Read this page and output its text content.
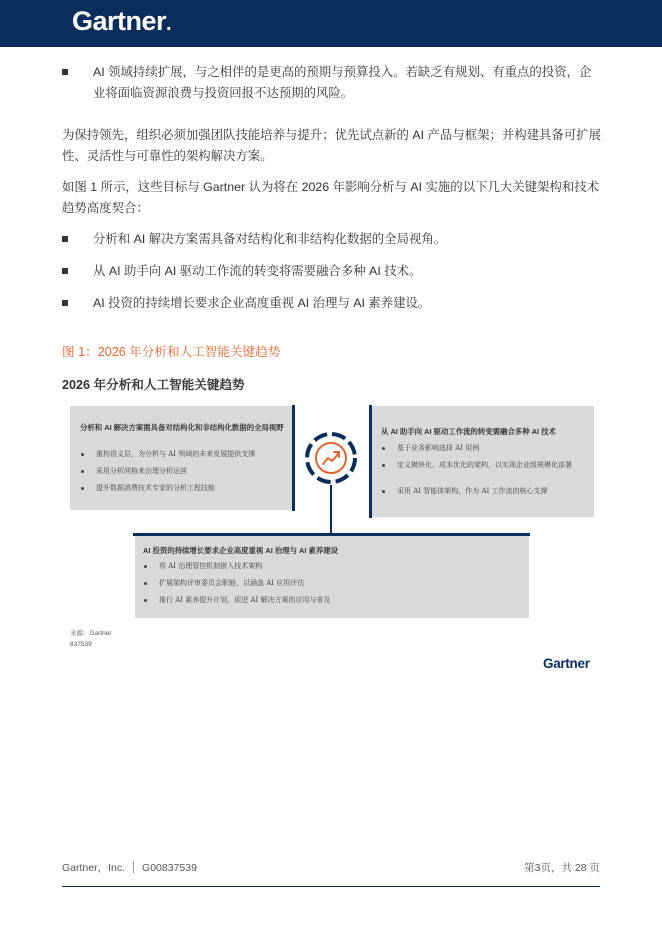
Gartner.
AI 领域持续扩展，与之相伴的是更高的预期与预算投入。若缺乏有规划、有重点的投资，企业将面临资源浪费与投资回报不达预期的风险。
为保持领先，组织必须加强团队技能培养与提升；优先试点新的 AI 产品与框架；并构建具备可扩展性、灵活性与可靠性的架构解决方案。
如图 1 所示，这些目标与 Gartner 认为将在 2026 年影响分析与 AI 实施的以下几大关键架构和技术趋势高度契合：
分析和 AI 解决方案需具备对结构化和非结构化数据的全局视角。
从 AI 助手向 AI 驱动工作流的转变将需要融合多种 AI 技术。
AI 投资的持续增长要求企业高度重视 AI 治理与 AI 素养建设。
图 1：2026 年分析和人工智能关键趋势
2026 年分析和人工智能关键趋势
分析和 AI 解决方案需具备对结构化和非结构化数据的全局视野
重构语义层，为分析与 AI 领域的未来发展提供支撑
采用分析网格来治理分析运营
提升数据消费技术专家的分析工程技能
从 AI 助手向 AI 驱动工作流的转变需融合多种 AI 技术
基于业务影响选择 AI 用例
定义模块化、成本优化的架构，以实现企业级规模化部署
采用 AI 智能体架构，作为 AI 工作流的核心支撑
AI 投资的持续增长要求企业高度重视 AI 治理与 AI 素养建设
将 AI 治理管控机制嵌入技术架构
扩展架构评审委员会职能，以涵盖 AI 应用评估
推行 AI 素养提升计划，促进 AI 解决方案的应用与普及
来源：Gartner
837539
Gartner
Gartner，Inc. G00837539	第3页，共 28 页
